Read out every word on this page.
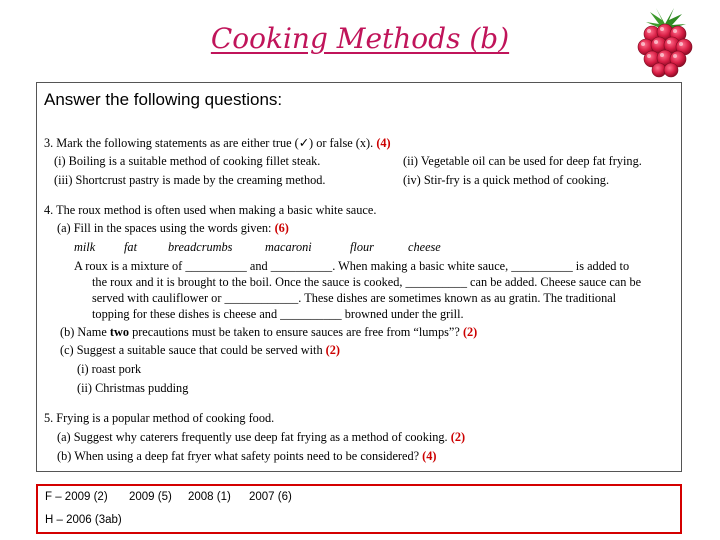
Cooking Methods (b)
Answer the following questions:
3. Mark the following statements as are either true (✓) or false (x). (4)
(i) Boiling is a suitable method of cooking fillet steak.	(ii) Vegetable oil can be used for deep fat frying.
(iii) Shortcrust pastry is made by the creaming method.	(iv) Stir-fry is a quick method of cooking.
4. The roux method is often used when making a basic white sauce.
(a) Fill in the spaces using the words given: (6)
milk fat	breadcrumbs	macaroni	flour	cheese
A roux is a mixture of __________ and __________. When making a basic white sauce, __________ is added to
the roux and it is brought to the boil. Once the sauce is cooked, __________ can be added. Cheese sauce can be
served with cauliflower or ____________. These dishes are sometimes known as au gratin. The traditional
topping for these dishes is cheese and __________ browned under the grill.
(b) Name two precautions must be taken to ensure sauces are free from “lumps”? (2)
(c) Suggest a suitable sauce that could be served with (2)
(i) roast pork
(ii) Christmas pudding
5. Frying is a popular method of cooking food.
(a) Suggest why caterers frequently use deep fat frying as a method of cooking. (2)
(b) When using a deep fat fryer what safety points need to be considered? (4)
F – 2009 (2) 2009 (5) 2008 (1) 2007 (6)
H – 2006 (3ab)
